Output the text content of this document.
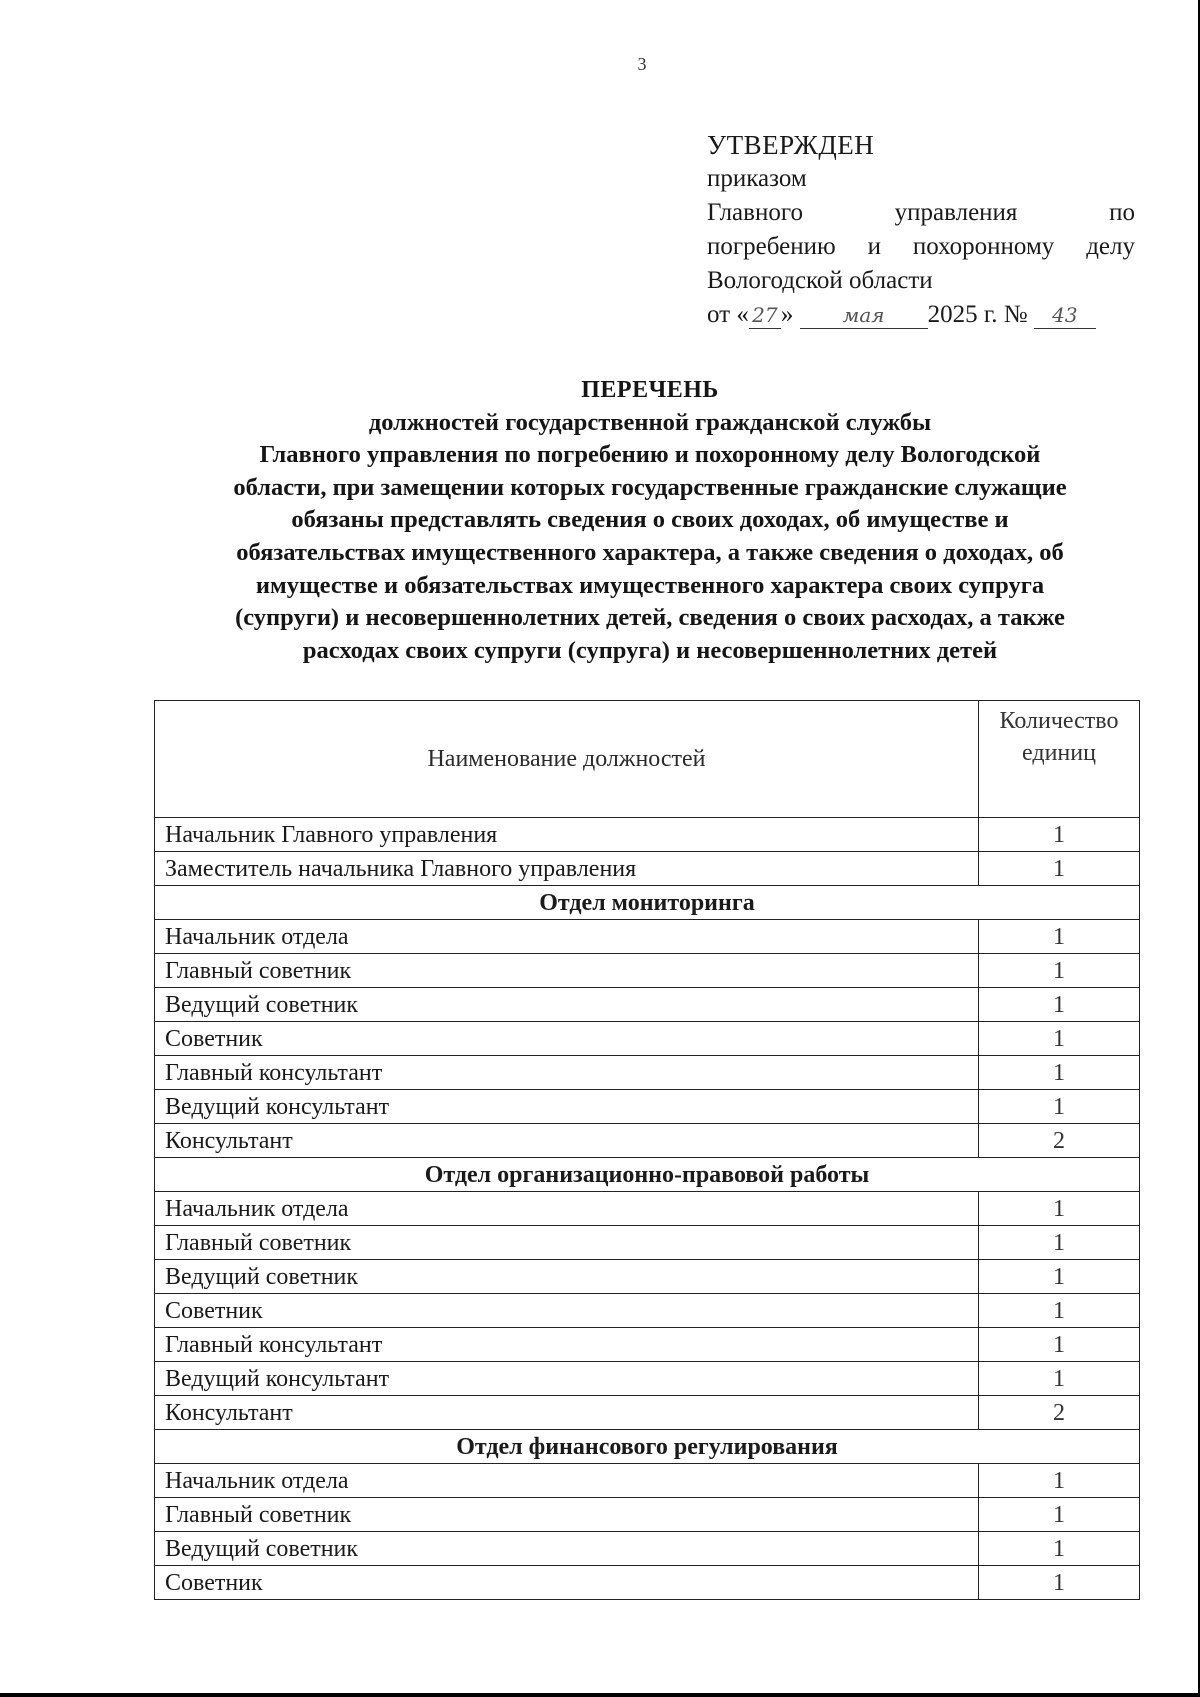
3
УТВЕРЖДЕН
приказом
Главного управления по
погребению и похоронному делу
Вологодской области
от « 27 » мая 2025 г. № 43
ПЕРЕЧЕНЬ
должностей государственной гражданской службы
Главного управления по погребению и похоронному делу Вологодской
области, при замещении которых государственные гражданские служащие
обязаны представлять сведения о своих доходах, об имуществе и
обязательствах имущественного характера, а также сведения о доходах, об
имуществе и обязательствах имущественного характера своих супруга
(супруги) и несовершеннолетних детей, сведения о своих расходах, а также
расходах своих супруги (супруга) и несовершеннолетних детей
Наименование должностей	Количество единиц
Начальник Главного управления	1
Заместитель начальника Главного управления	1
Отдел мониторинга	
Начальник отдела	1
Главный советник	1
Ведущий советник	1
Советник	1
Главный консультант	1
Ведущий консультант	1
Консультант	2
Отдел организационно-правовой работы	
Начальник отдела	1
Главный советник	1
Ведущий советник	1
Советник	1
Главный консультант	1
Ведущий консультант	1
Консультант	2
Отдел финансового регулирования	
Начальник отдела	1
Главный советник	1
Ведущий советник	1
Советник	1
